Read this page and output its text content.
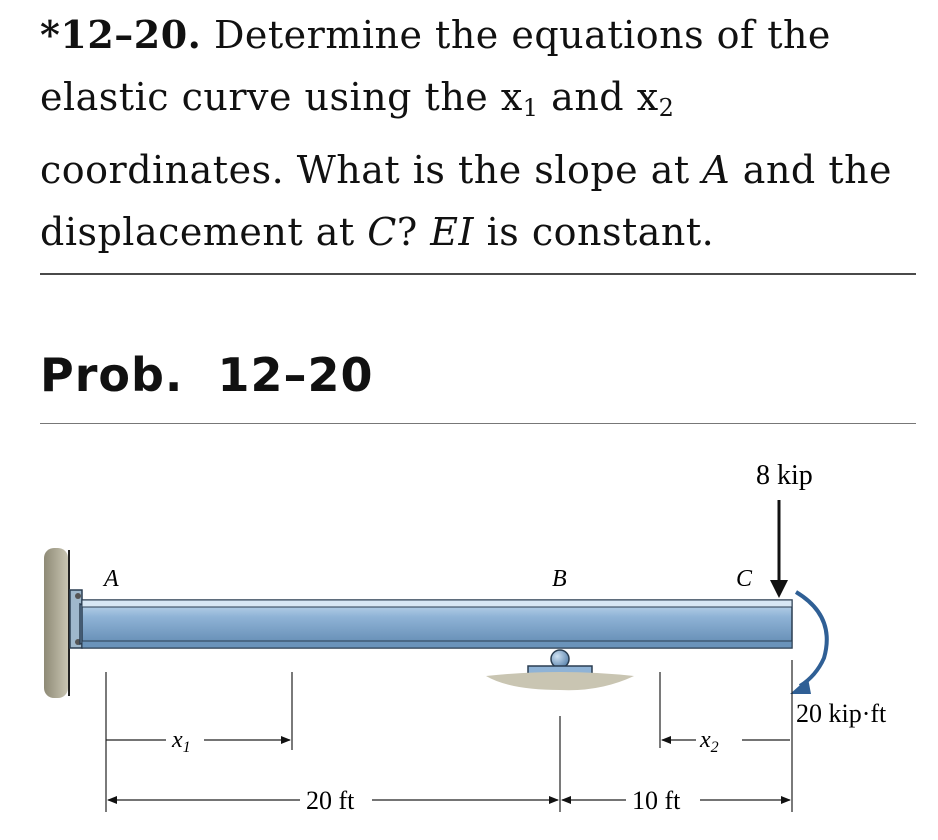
*12–20. Determine the equations of the

elastic curve using the $x_1$ and $x_2$

coordinates. What is the slope at A and the

displacement at C? EI is constant.

Prob. 12–20
A	B	C
8 kip
20 kip·ft
$x_1$	$x_2$
20 ft	10 ft
